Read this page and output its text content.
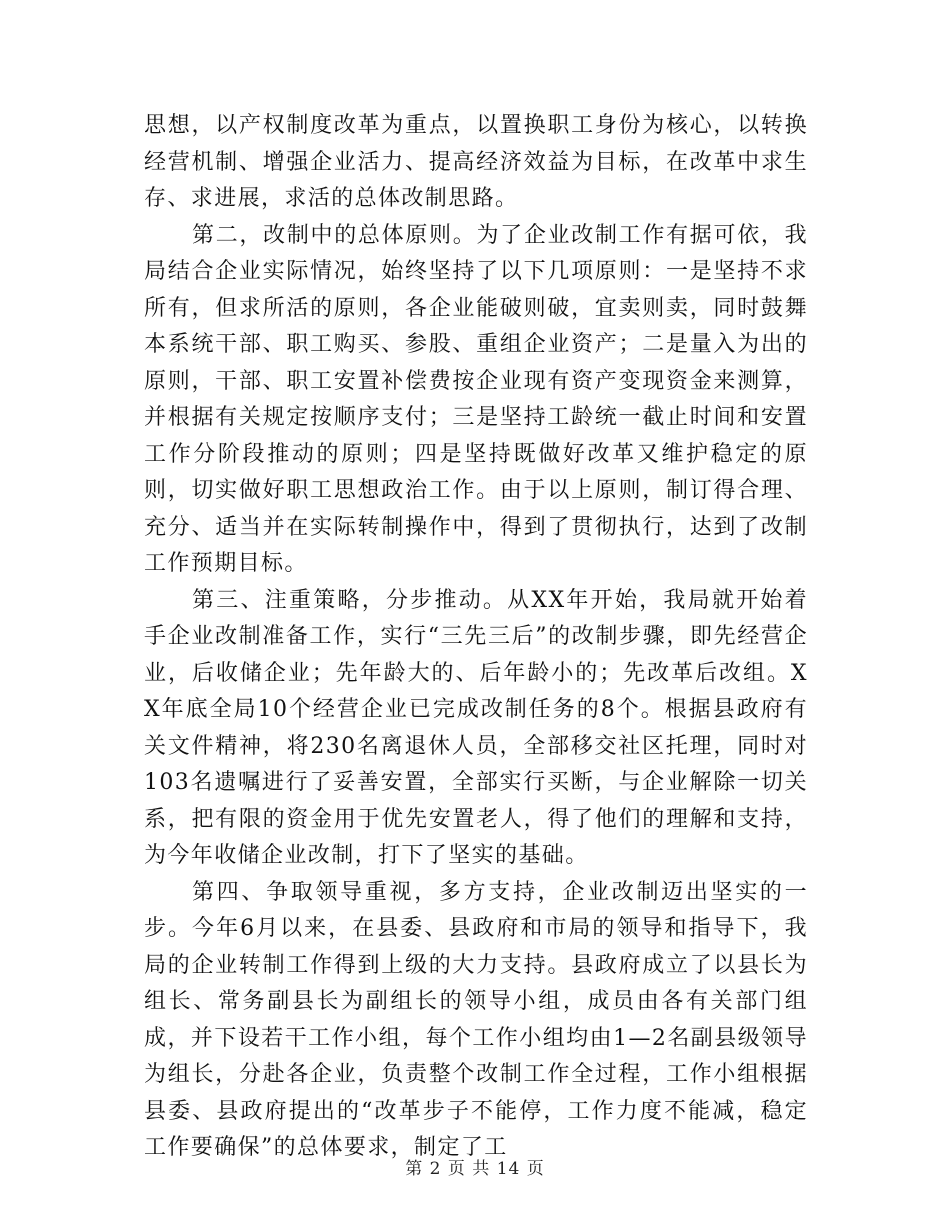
思想，以产权制度改革为重点，以置换职工身份为核心，以转换经营机制、增强企业活力、提高经济效益为目标，在改革中求生存、求进展，求活的总体改制思路。

第二，改制中的总体原则。为了企业改制工作有据可依，我局结合企业实际情况，始终坚持了以下几项原则：一是坚持不求所有，但求所活的原则，各企业能破则破，宜卖则卖，同时鼓舞本系统干部、职工购买、参股、重组企业资产；二是量入为出的原则，干部、职工安置补偿费按企业现有资产变现资金来测算，并根据有关规定按顺序支付；三是坚持工龄统一截止时间和安置工作分阶段推动的原则；四是坚持既做好改革又维护稳定的原则，切实做好职工思想政治工作。由于以上原则，制订得合理、充分、适当并在实际转制操作中，得到了贯彻执行，达到了改制工作预期目标。

第三、注重策略，分步推动。从XX年开始，我局就开始着手企业改制准备工作，实行“三先三后”的改制步骤，即先经营企业，后收储企业；先年龄大的、后年龄小的；先改革后改组。XX年底全局10个经营企业已完成改制任务的8个。根据县政府有关文件精神，将230名离退休人员，全部移交社区托理，同时对103名遗嘱进行了妥善安置，全部实行买断，与企业解除一切关系，把有限的资金用于优先安置老人，得了他们的理解和支持，为今年收储企业改制，打下了坚实的基础。

第四、争取领导重视，多方支持，企业改制迈出坚实的一步。今年6月以来，在县委、县政府和市局的领导和指导下，我局的企业转制工作得到上级的大力支持。县政府成立了以县长为组长、常务副县长为副组长的领导小组，成员由各有关部门组成，并下设若干工作小组，每个工作小组均由1—2名副县级领导为组长，分赴各企业，负责整个改制工作全过程，工作小组根据县委、县政府提出的“改革步子不能停，工作力度不能减，稳定工作要确保”的总体要求，制定了工

第 2 页 共 14 页
